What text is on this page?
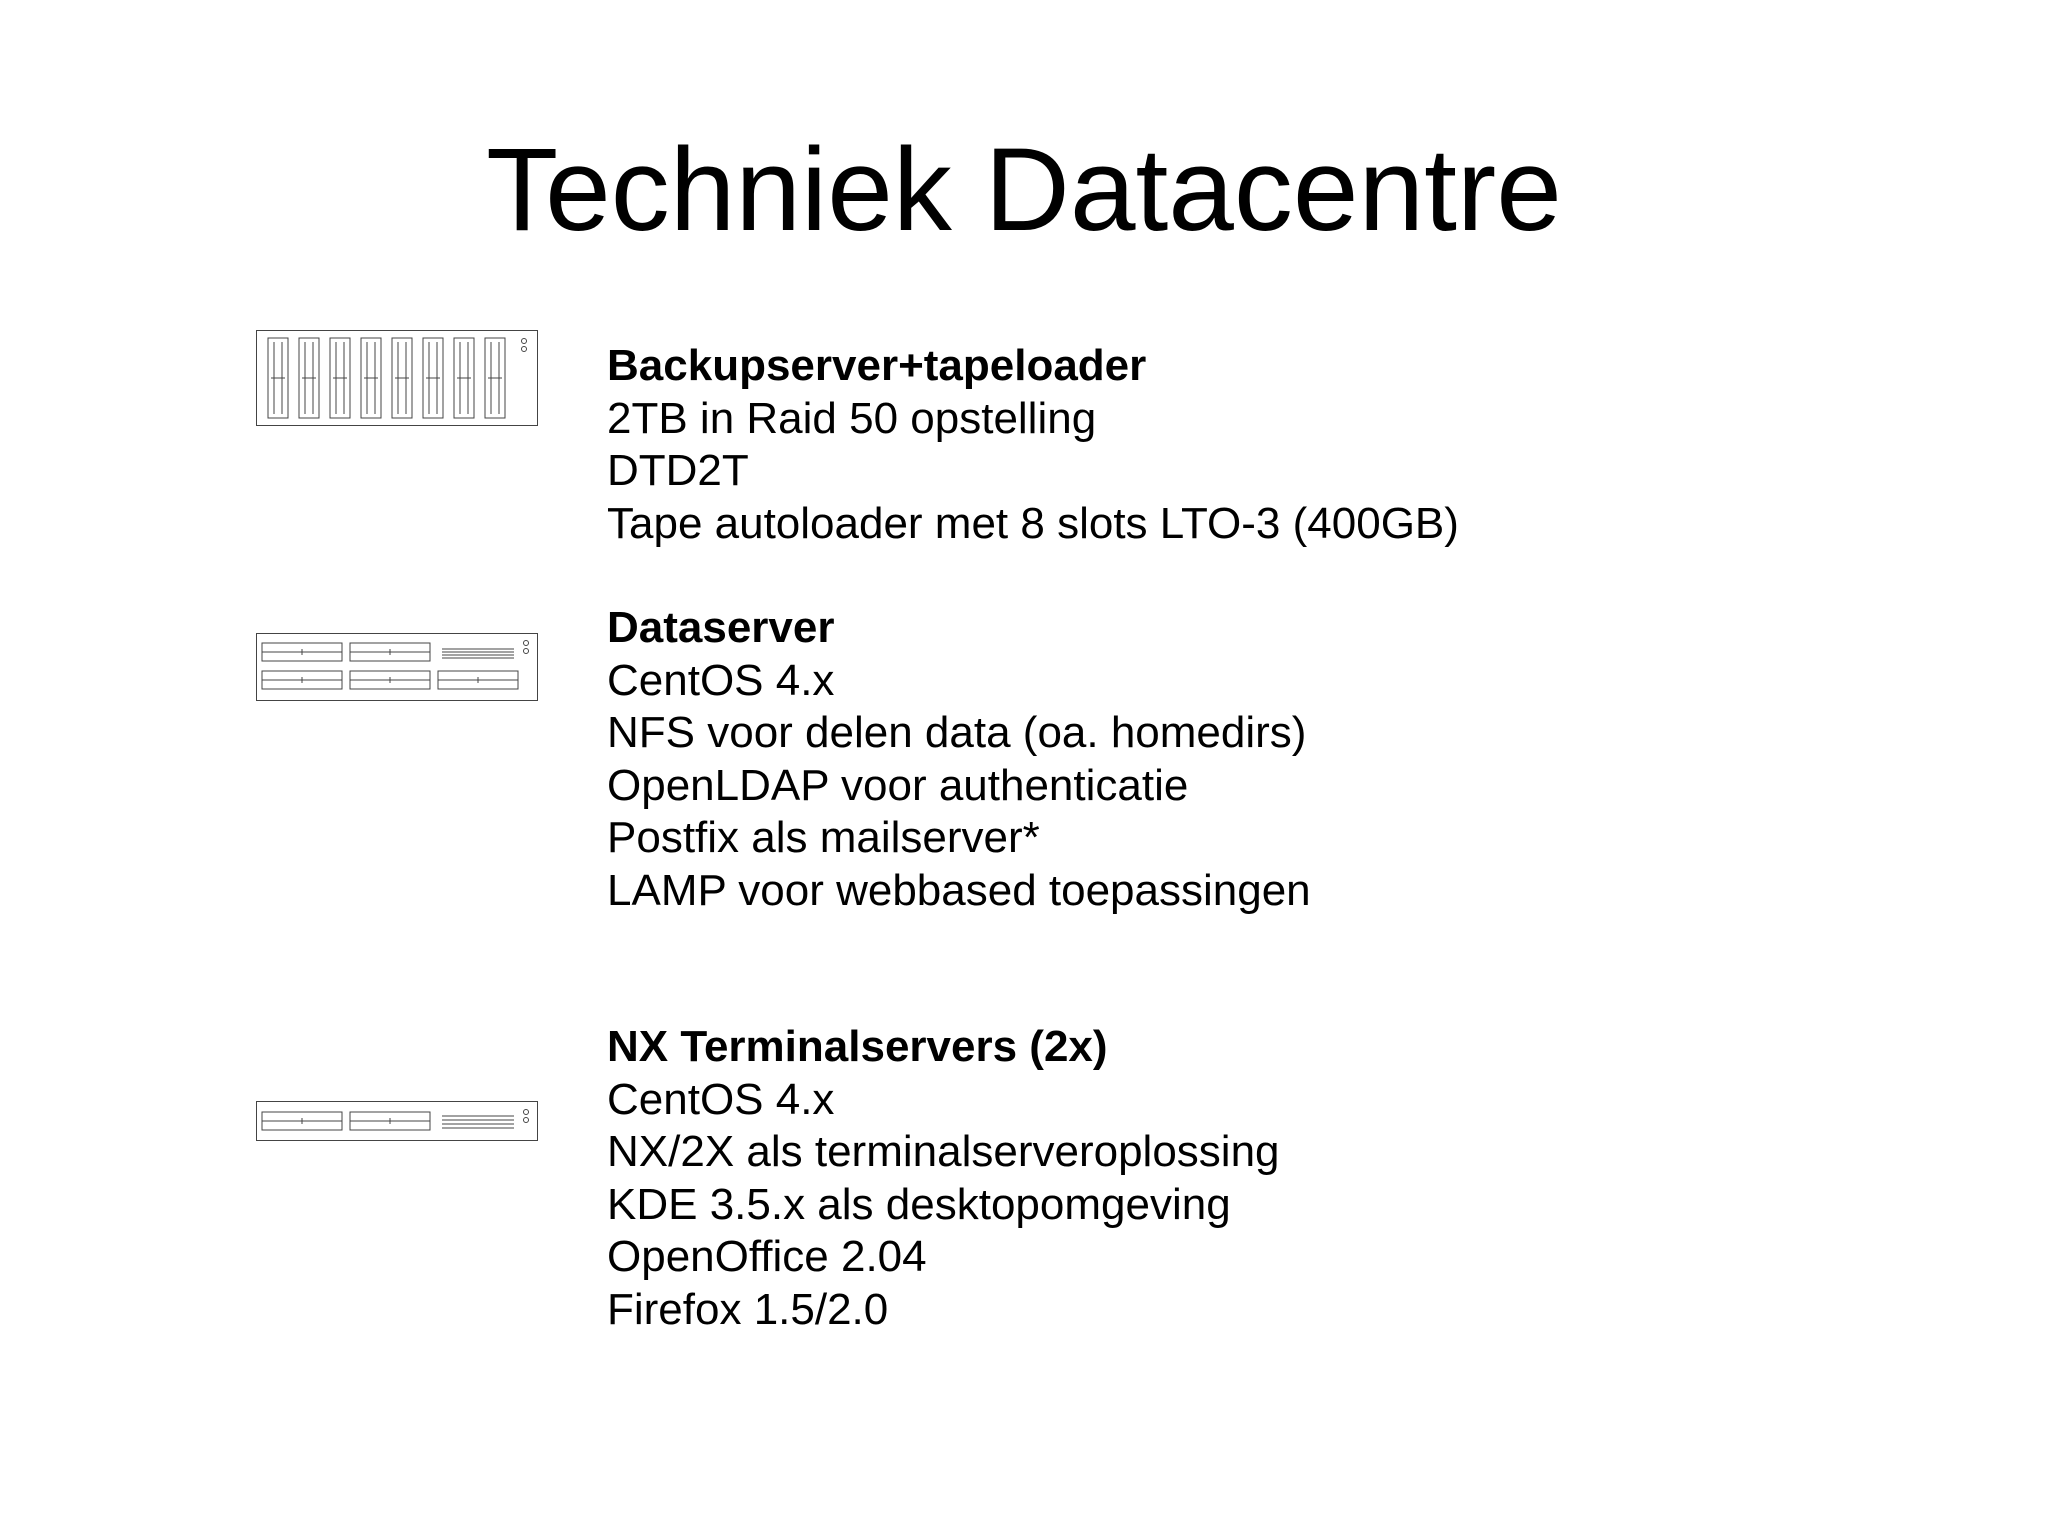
Techniek Datacentre
Backupserver+tapeloader
2TB in Raid 50 opstelling
DTD2T
Tape autoloader met 8 slots LTO-3 (400GB)
Dataserver
CentOS 4.x
NFS voor delen data (oa. homedirs)
OpenLDAP voor authenticatie
Postfix als mailserver*
LAMP voor webbased toepassingen
NX Terminalservers (2x)
CentOS 4.x
NX/2X als terminalserveroplossing
KDE 3.5.x als desktopomgeving
OpenOffice 2.04
Firefox 1.5/2.0
